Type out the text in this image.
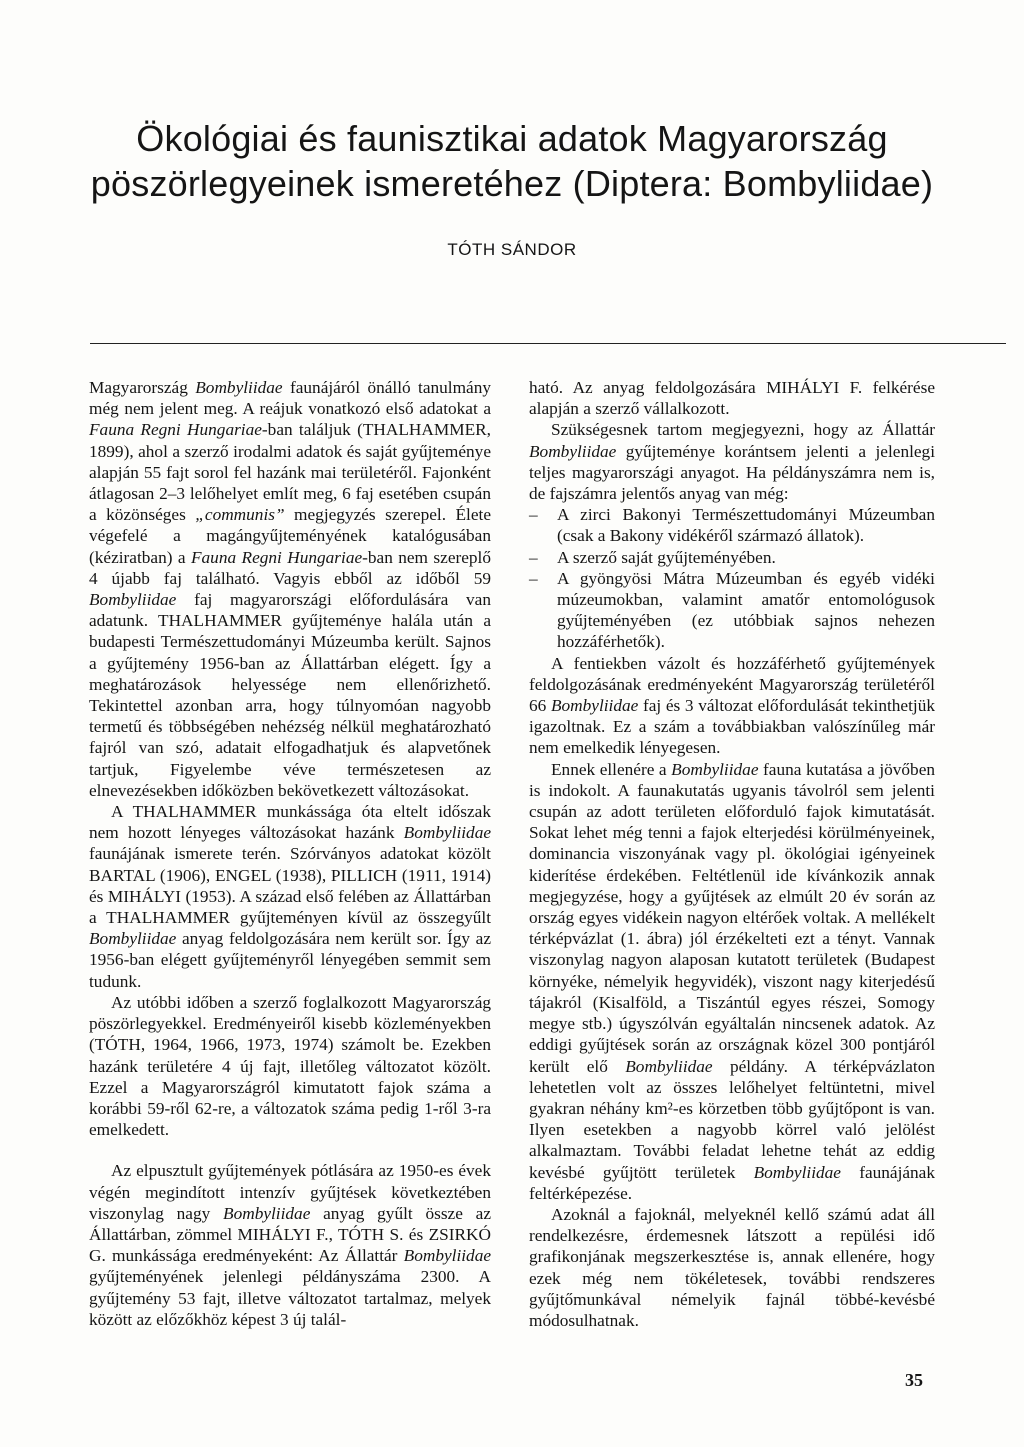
Ökológiai és faunisztikai adatok Magyarország
pöszörlegyeinek ismeretéhez (Diptera: Bombyliidae)
TÓTH SÁNDOR

Magyarország Bombyliidae faunájáról önálló tanulmány még nem jelent meg. A reájuk vonatkozó első adatokat a Fauna Regni Hungariae-ban találjuk (THALHAMMER, 1899), ahol a szerző irodalmi adatok és saját gyűjteménye alapján 55 fajt sorol fel hazánk mai területéről. Fajonként átlagosan 2–3 lelőhelyet említ meg, 6 faj esetében csupán a közönséges „communis” megjegyzés szerepel. Élete végefelé a magángyűjteményének katalógusában (kéziratban) a Fauna Regni Hungariae-ban nem szereplő 4 újabb faj található. Vagyis ebből az időből 59 Bombyliidae faj magyarországi előfordulására van adatunk. THALHAMMER gyűjteménye halála után a budapesti Természettudományi Múzeumba került. Sajnos a gyűjtemény 1956-ban az Állattárban elégett. Így a meghatározások helyessége nem ellenőrizhető. Tekintettel azonban arra, hogy túlnyomóan nagyobb termetű és többségében nehézség nélkül meghatározható fajról van szó, adatait elfogadhatjuk és alapvetőnek tartjuk, Figyelembe véve természetesen az elnevezésekben időközben bekövetkezett változásokat.

A THALHAMMER munkássága óta eltelt időszak nem hozott lényeges változásokat hazánk Bombyliidae faunájának ismerete terén. Szórványos adatokat közölt BARTAL (1906), ENGEL (1938), PILLICH (1911, 1914) és MIHÁLYI (1953). A század első felében az Állattárban a THALHAMMER gyűjteményen kívül az összegyűlt Bombyliidae anyag feldolgozására nem került sor. Így az 1956-ban elégett gyűjteményről lényegében semmit sem tudunk.

Az utóbbi időben a szerző foglalkozott Magyarország pöszörlegyekkel. Eredményeiről kisebb közleményekben (TÓTH, 1964, 1966, 1973, 1974) számolt be. Ezekben hazánk területére 4 új fajt, illetőleg változatot közölt. Ezzel a Magyarországról kimutatott fajok száma a korábbi 59-ről 62-re, a változatok száma pedig 1-ről 3-ra emelkedett.

Az elpusztult gyűjtemények pótlására az 1950-es évek végén megindított intenzív gyűjtések következtében viszonylag nagy Bombyliidae anyag gyűlt össze az Állattárban, zömmel MIHÁLYI F., TÓTH S. és ZSIRKÓ G. munkássága eredményeként: Az Állattár Bombyliidae gyűjteményének jelenlegi példányszáma 2300. A gyűjtemény 53 fajt, illetve változatot tartalmaz, melyek között az előzőkhöz képest 3 új talál-

ható. Az anyag feldolgozására MIHÁLYI F. felkérése alapján a szerző vállalkozott.

Szükségesnek tartom megjegyezni, hogy az Állattár Bombyliidae gyűjteménye korántsem jelenti a jelenlegi teljes magyarországi anyagot. Ha példányszámra nem is, de fajszámra jelentős anyag van még:

– A zirci Bakonyi Természettudományi Múzeumban (csak a Bakony vidékéről származó állatok).
– A szerző saját gyűjteményében.
– A gyöngyösi Mátra Múzeumban és egyéb vidéki múzeumokban, valamint amatőr entomológusok gyűjteményében (ez utóbbiak sajnos nehezen hozzáférhetők).

A fentiekben vázolt és hozzáférhető gyűjtemények feldolgozásának eredményeként Magyarország területéről 66 Bombyliidae faj és 3 változat előfordulását tekinthetjük igazoltnak. Ez a szám a továbbiakban valószínűleg már nem emelkedik lényegesen.

Ennek ellenére a Bombyliidae fauna kutatása a jövőben is indokolt. A faunakutatás ugyanis távolról sem jelenti csupán az adott területen előforduló fajok kimutatását. Sokat lehet még tenni a fajok elterjedési körülményeinek, dominancia viszonyának vagy pl. ökológiai igényeinek kiderítése érdekében. Feltétlenül ide kívánkozik annak megjegyzése, hogy a gyűjtések az elmúlt 20 év során az ország egyes vidékein nagyon eltérőek voltak. A mellékelt térképvázlat (1. ábra) jól érzékelteti ezt a tényt. Vannak viszonylag nagyon alaposan kutatott területek (Budapest környéke, némelyik hegyvidék), viszont nagy kiterjedésű tájakról (Kisalföld, a Tiszántúl egyes részei, Somogy megye stb.) úgyszólván egyáltalán nincsenek adatok. Az eddigi gyűjtések során az országnak közel 300 pontjáról került elő Bombyliidae példány. A térképvázlaton lehetetlen volt az összes lelőhelyet feltüntetni, mivel gyakran néhány km²-es körzetben több gyűjtőpont is van. Ilyen esetekben a nagyobb körrel való jelölést alkalmaztam. További feladat lehetne tehát az eddig kevésbé gyűjtött területek Bombyliidae faunájának feltérképezése.

Azoknál a fajoknál, melyeknél kellő számú adat áll rendelkezésre, érdemesnek látszott a repülési idő grafikonjának megszerkesztése is, annak ellenére, hogy ezek még nem tökéletesek, további rendszeres gyűjtőmunkával némelyik fajnál többé-kevésbé módosulhatnak.

35
